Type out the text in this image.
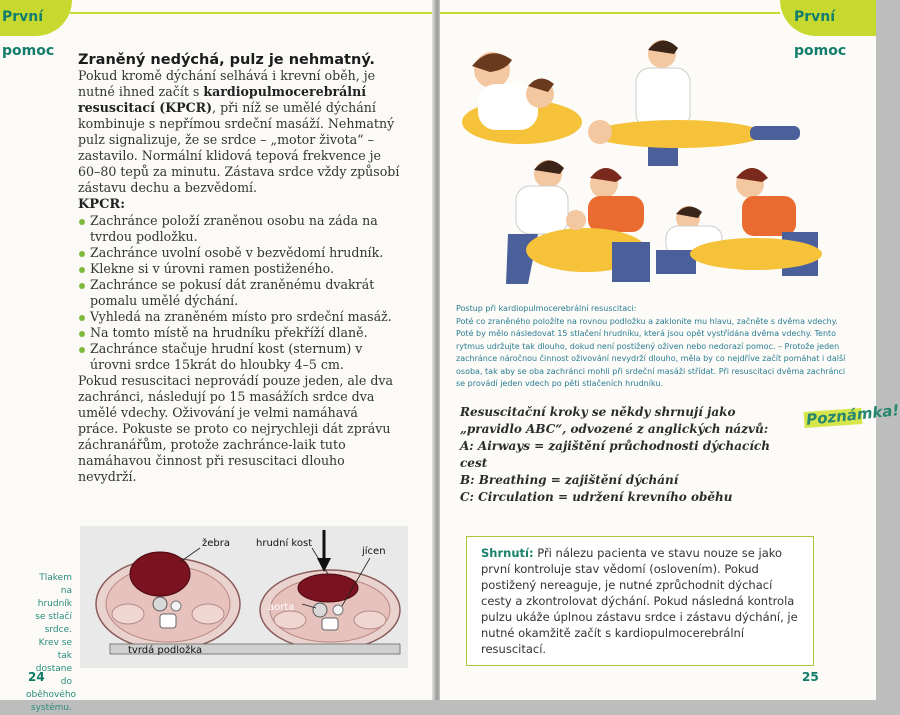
První pomoc

Zraněný nedýchá, pulz je nehmatný. Pokud kromě dýchání selhává i krevní oběh, je nutné ihned začít s kardiopulmocerebrální resuscitací (KPCR), při níž se umělé dýchání kombinuje s nepřímou srdeční masáží. Nehmatný pulz signalizuje, že se srdce – „motor života“ – zastavilo. Normální klidová tepová frekvence je 60–80 tepů za minutu. Zástava srdce vždy způsobí zástavu dechu a bezvědomí.

KPCR:
Zachránce položí zraněnou osobu na záda na tvrdou podložku.
Zachránce uvolní osobě v bezvědomí hrudník.
Klekne si v úrovni ramen postiženého.
Zachránce se pokusí dát zraněnému dvakrát pomalu umělé dýchání.
Vyhledá na zraněném místo pro srdeční masáž.
Na tomto místě na hrudníku překříží dlaně.
Zachránce stačuje hrudní kost (sternum) v úrovni srdce 15krát do hloubky 4–5 cm.

Pokud resuscitaci neprovádí pouze jeden, ale dva zachránci, následují po 15 masážích srdce dva umělé vdechy. Oživování je velmi namáhavá práce. Pokuste se proto co nejrychleji dát zprávu záchranářům, protože zachránce-laik tuto namáhavou činnost při resuscitaci dlouho nevydrží.

Tlakem na hrudník se stlačí srdce. Krev se tak dostane do oběhového systému.
žebra	hrudní kost
jícen
aorta
tvrdá podložka
24
První pomoc
Postup při kardiopulmocerebrální resuscitaci:
Poté co zraněného položíte na rovnou podložku a zaklonite mu hlavu, začněte s dvěma vdechy. Poté by mělo následovat 15 stlačení hrudníku, která jsou opět vystřídána dvěma vdechy. Tento rytmus udržujte tak dlouho, dokud není postižený oživen nebo nedorazí pomoc. – Protože jeden zachránce náročnou činnost oživování nevydrží dlouho, měla by co nejdříve začít pomáhat i další osoba, tak aby se oba zachránci mohli při srdeční masáži střídat. Při resuscitaci dvěma zachránci se provádí jeden vdech po pěti stlačeních hrudníku.
Resuscitační kroky se někdy shrnují jako „pravidlo ABC“, odvozené z anglických názvů:
A: Airways = zajištění průchodnosti dýchacích cest
B: Breathing = zajištění dýchání
C: Circulation = udržení krevního oběhu
Poznámka!
Shrnutí: Při nálezu pacienta ve stavu nouze se jako první kontroluje stav vědomí (oslovením). Pokud postižený nereaguje, je nutné zprůchodnit dýchací cesty a zkontrolovat dýchání. Pokud následná kontrola pulzu ukáže úplnou zástavu srdce i zástavu dýchání, je nutné okamžitě začít s kardiopulmocerebrální resuscitací.
25
